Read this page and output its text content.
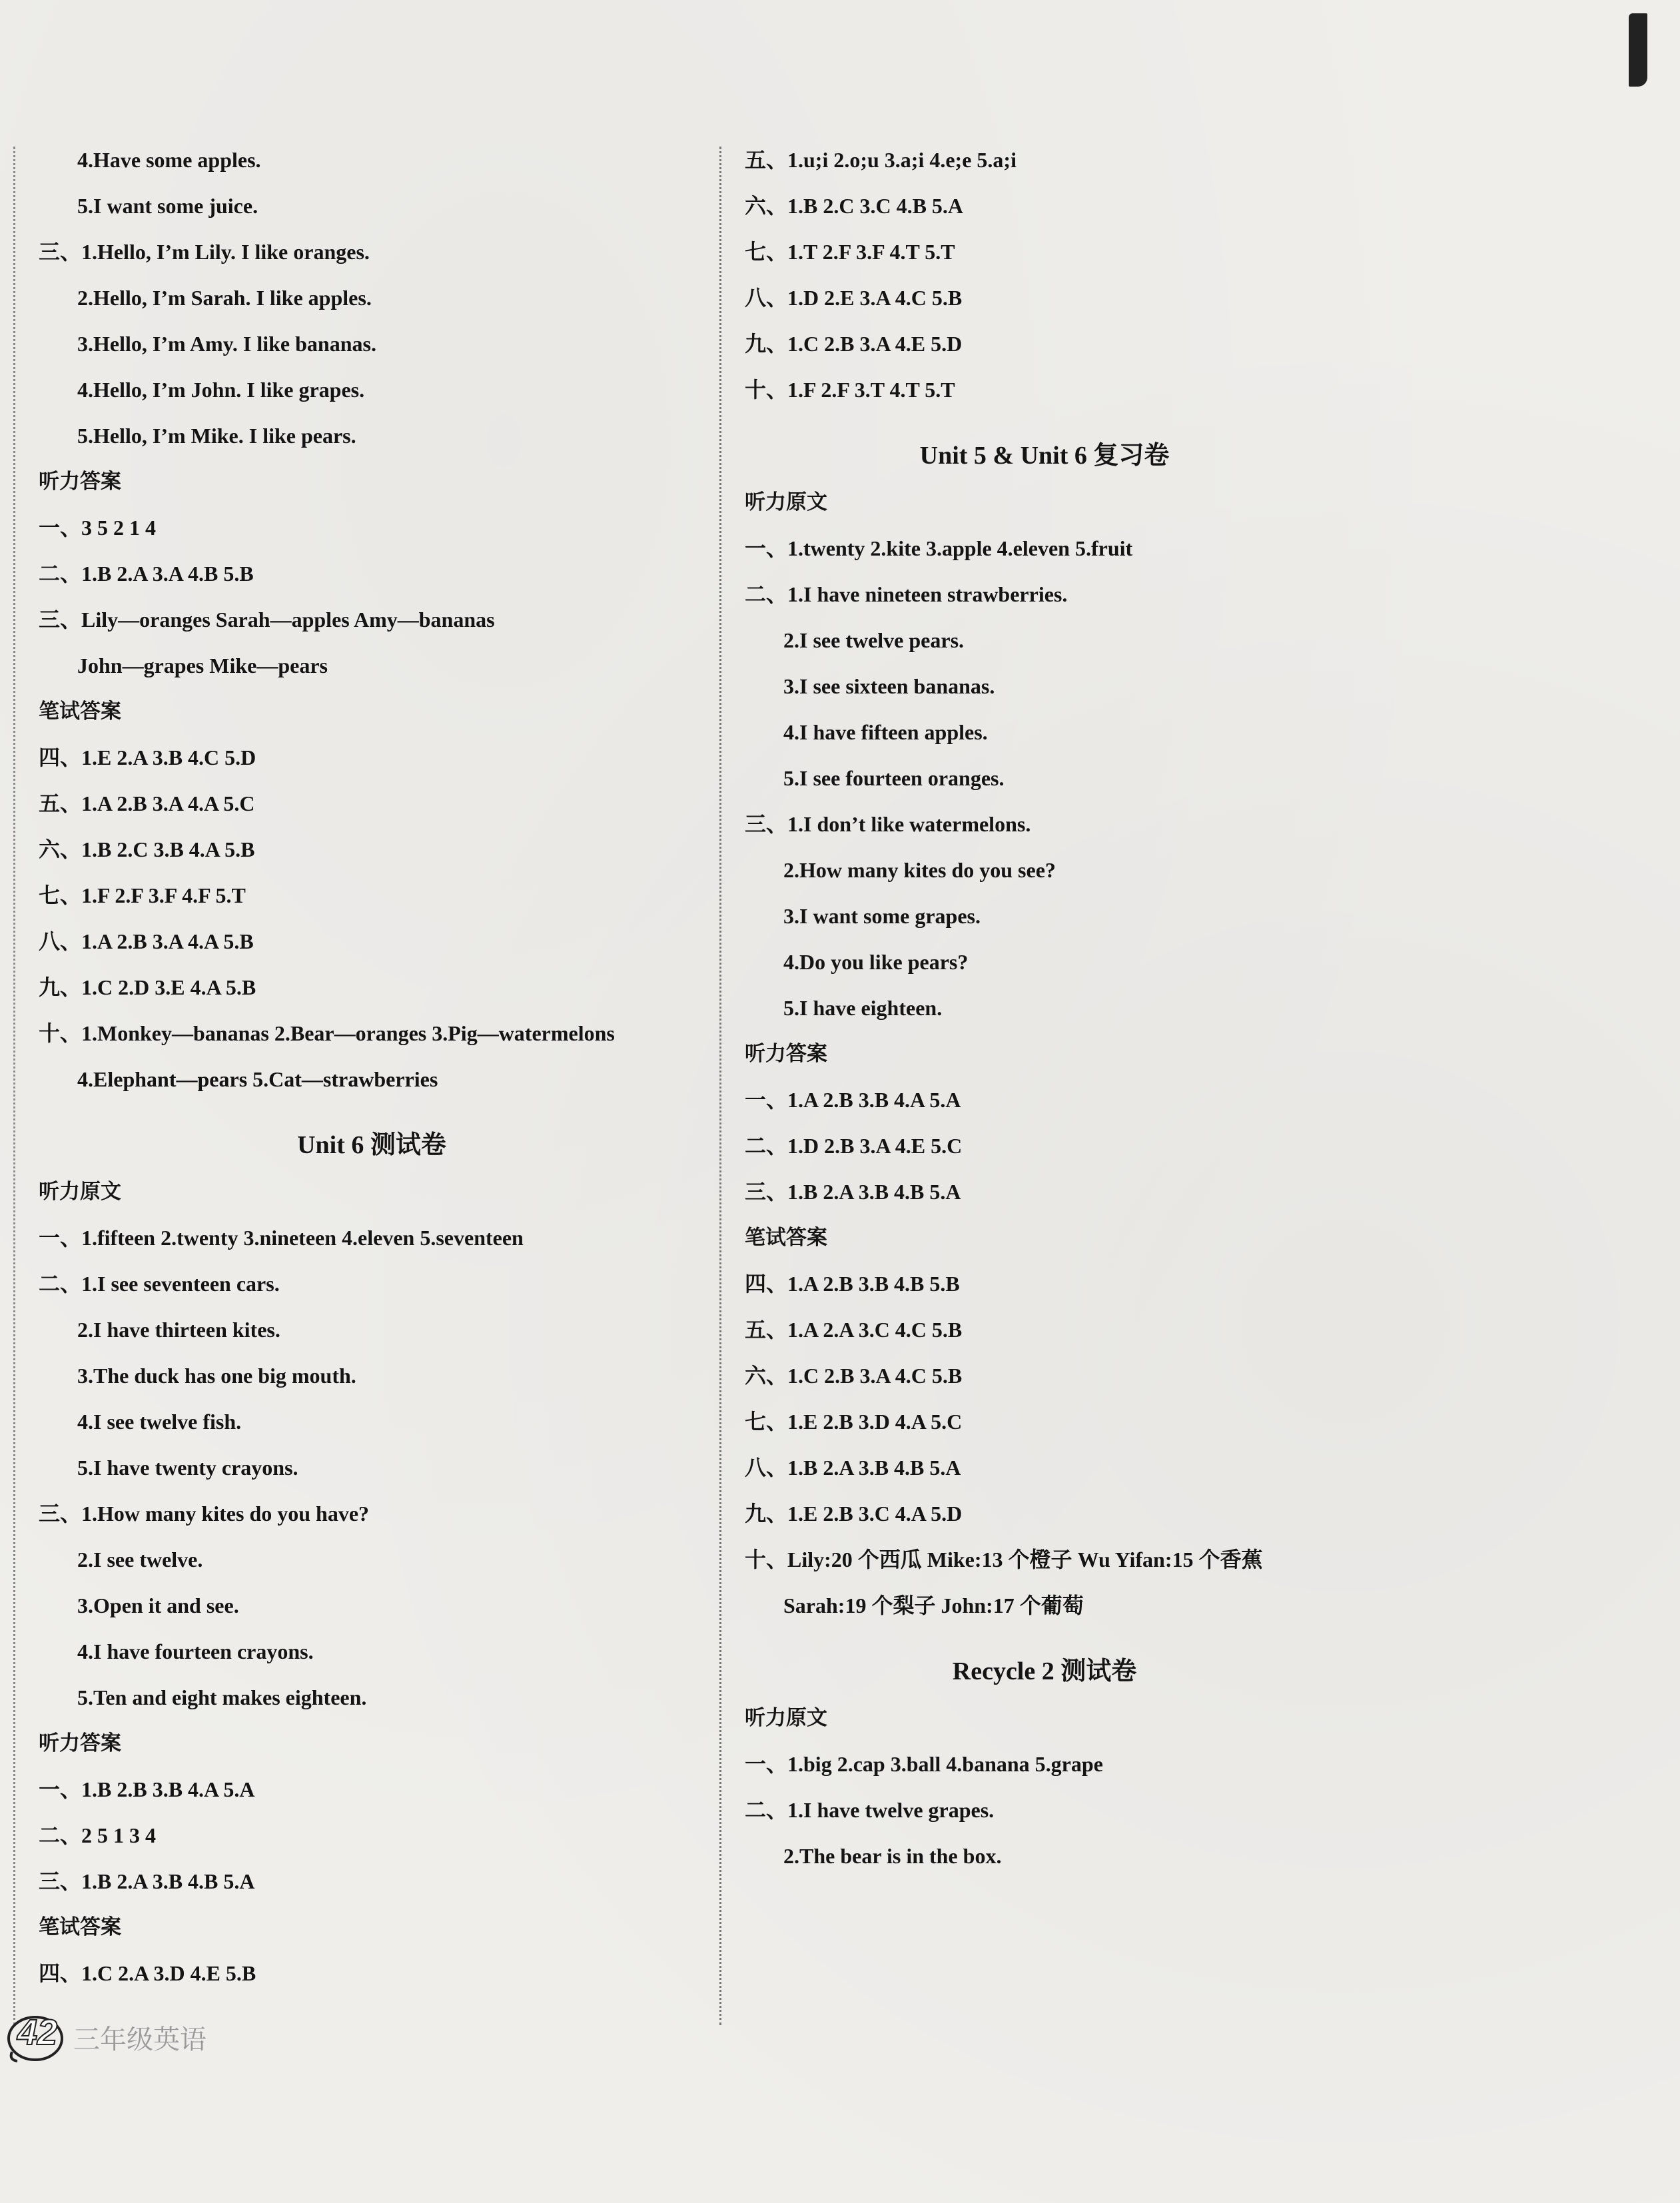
4.Have some apples.
5.I want some juice.
三、1.Hello, I’m Lily. I like oranges.
2.Hello, I’m Sarah. I like apples.
3.Hello, I’m Amy. I like bananas.
4.Hello, I’m John. I like grapes.
5.Hello, I’m Mike. I like pears.
听力答案
一、3 5 2 1 4
二、1.B 2.A 3.A 4.B 5.B
三、Lily—oranges Sarah—apples Amy—bananas
John—grapes Mike—pears
笔试答案
四、1.E 2.A 3.B 4.C 5.D
五、1.A 2.B 3.A 4.A 5.C
六、1.B 2.C 3.B 4.A 5.B
七、1.F 2.F 3.F 4.F 5.T
八、1.A 2.B 3.A 4.A 5.B
九、1.C 2.D 3.E 4.A 5.B
十、1.Monkey—bananas 2.Bear—oranges 3.Pig—watermelons
4.Elephant—pears 5.Cat—strawberries
Unit 6 测试卷
听力原文
一、1.fifteen 2.twenty 3.nineteen 4.eleven 5.seventeen
二、1.I see seventeen cars.
2.I have thirteen kites.
3.The duck has one big mouth.
4.I see twelve fish.
5.I have twenty crayons.
三、1.How many kites do you have?
2.I see twelve.
3.Open it and see.
4.I have fourteen crayons.
5.Ten and eight makes eighteen.
听力答案
一、1.B 2.B 3.B 4.A 5.A
二、2 5 1 3 4
三、1.B 2.A 3.B 4.B 5.A
笔试答案
四、1.C 2.A 3.D 4.E 5.B
五、1.u;i 2.o;u 3.a;i 4.e;e 5.a;i
六、1.B 2.C 3.C 4.B 5.A
七、1.T 2.F 3.F 4.T 5.T
八、1.D 2.E 3.A 4.C 5.B
九、1.C 2.B 3.A 4.E 5.D
十、1.F 2.F 3.T 4.T 5.T
Unit 5 & Unit 6 复习卷
听力原文
一、1.twenty 2.kite 3.apple 4.eleven 5.fruit
二、1.I have nineteen strawberries.
2.I see twelve pears.
3.I see sixteen bananas.
4.I have fifteen apples.
5.I see fourteen oranges.
三、1.I don’t like watermelons.
2.How many kites do you see?
3.I want some grapes.
4.Do you like pears?
5.I have eighteen.
听力答案
一、1.A 2.B 3.B 4.A 5.A
二、1.D 2.B 3.A 4.E 5.C
三、1.B 2.A 3.B 4.B 5.A
笔试答案
四、1.A 2.B 3.B 4.B 5.B
五、1.A 2.A 3.C 4.C 5.B
六、1.C 2.B 3.A 4.C 5.B
七、1.E 2.B 3.D 4.A 5.C
八、1.B 2.A 3.B 4.B 5.A
九、1.E 2.B 3.C 4.A 5.D
十、Lily:20 个西瓜 Mike:13 个橙子 Wu Yifan:15 个香蕉
Sarah:19 个梨子 John:17 个葡萄
Recycle 2 测试卷
听力原文
一、1.big 2.cap 3.ball 4.banana 5.grape
二、1.I have twelve grapes.
2.The bear is in the box.
42 三年级英语
